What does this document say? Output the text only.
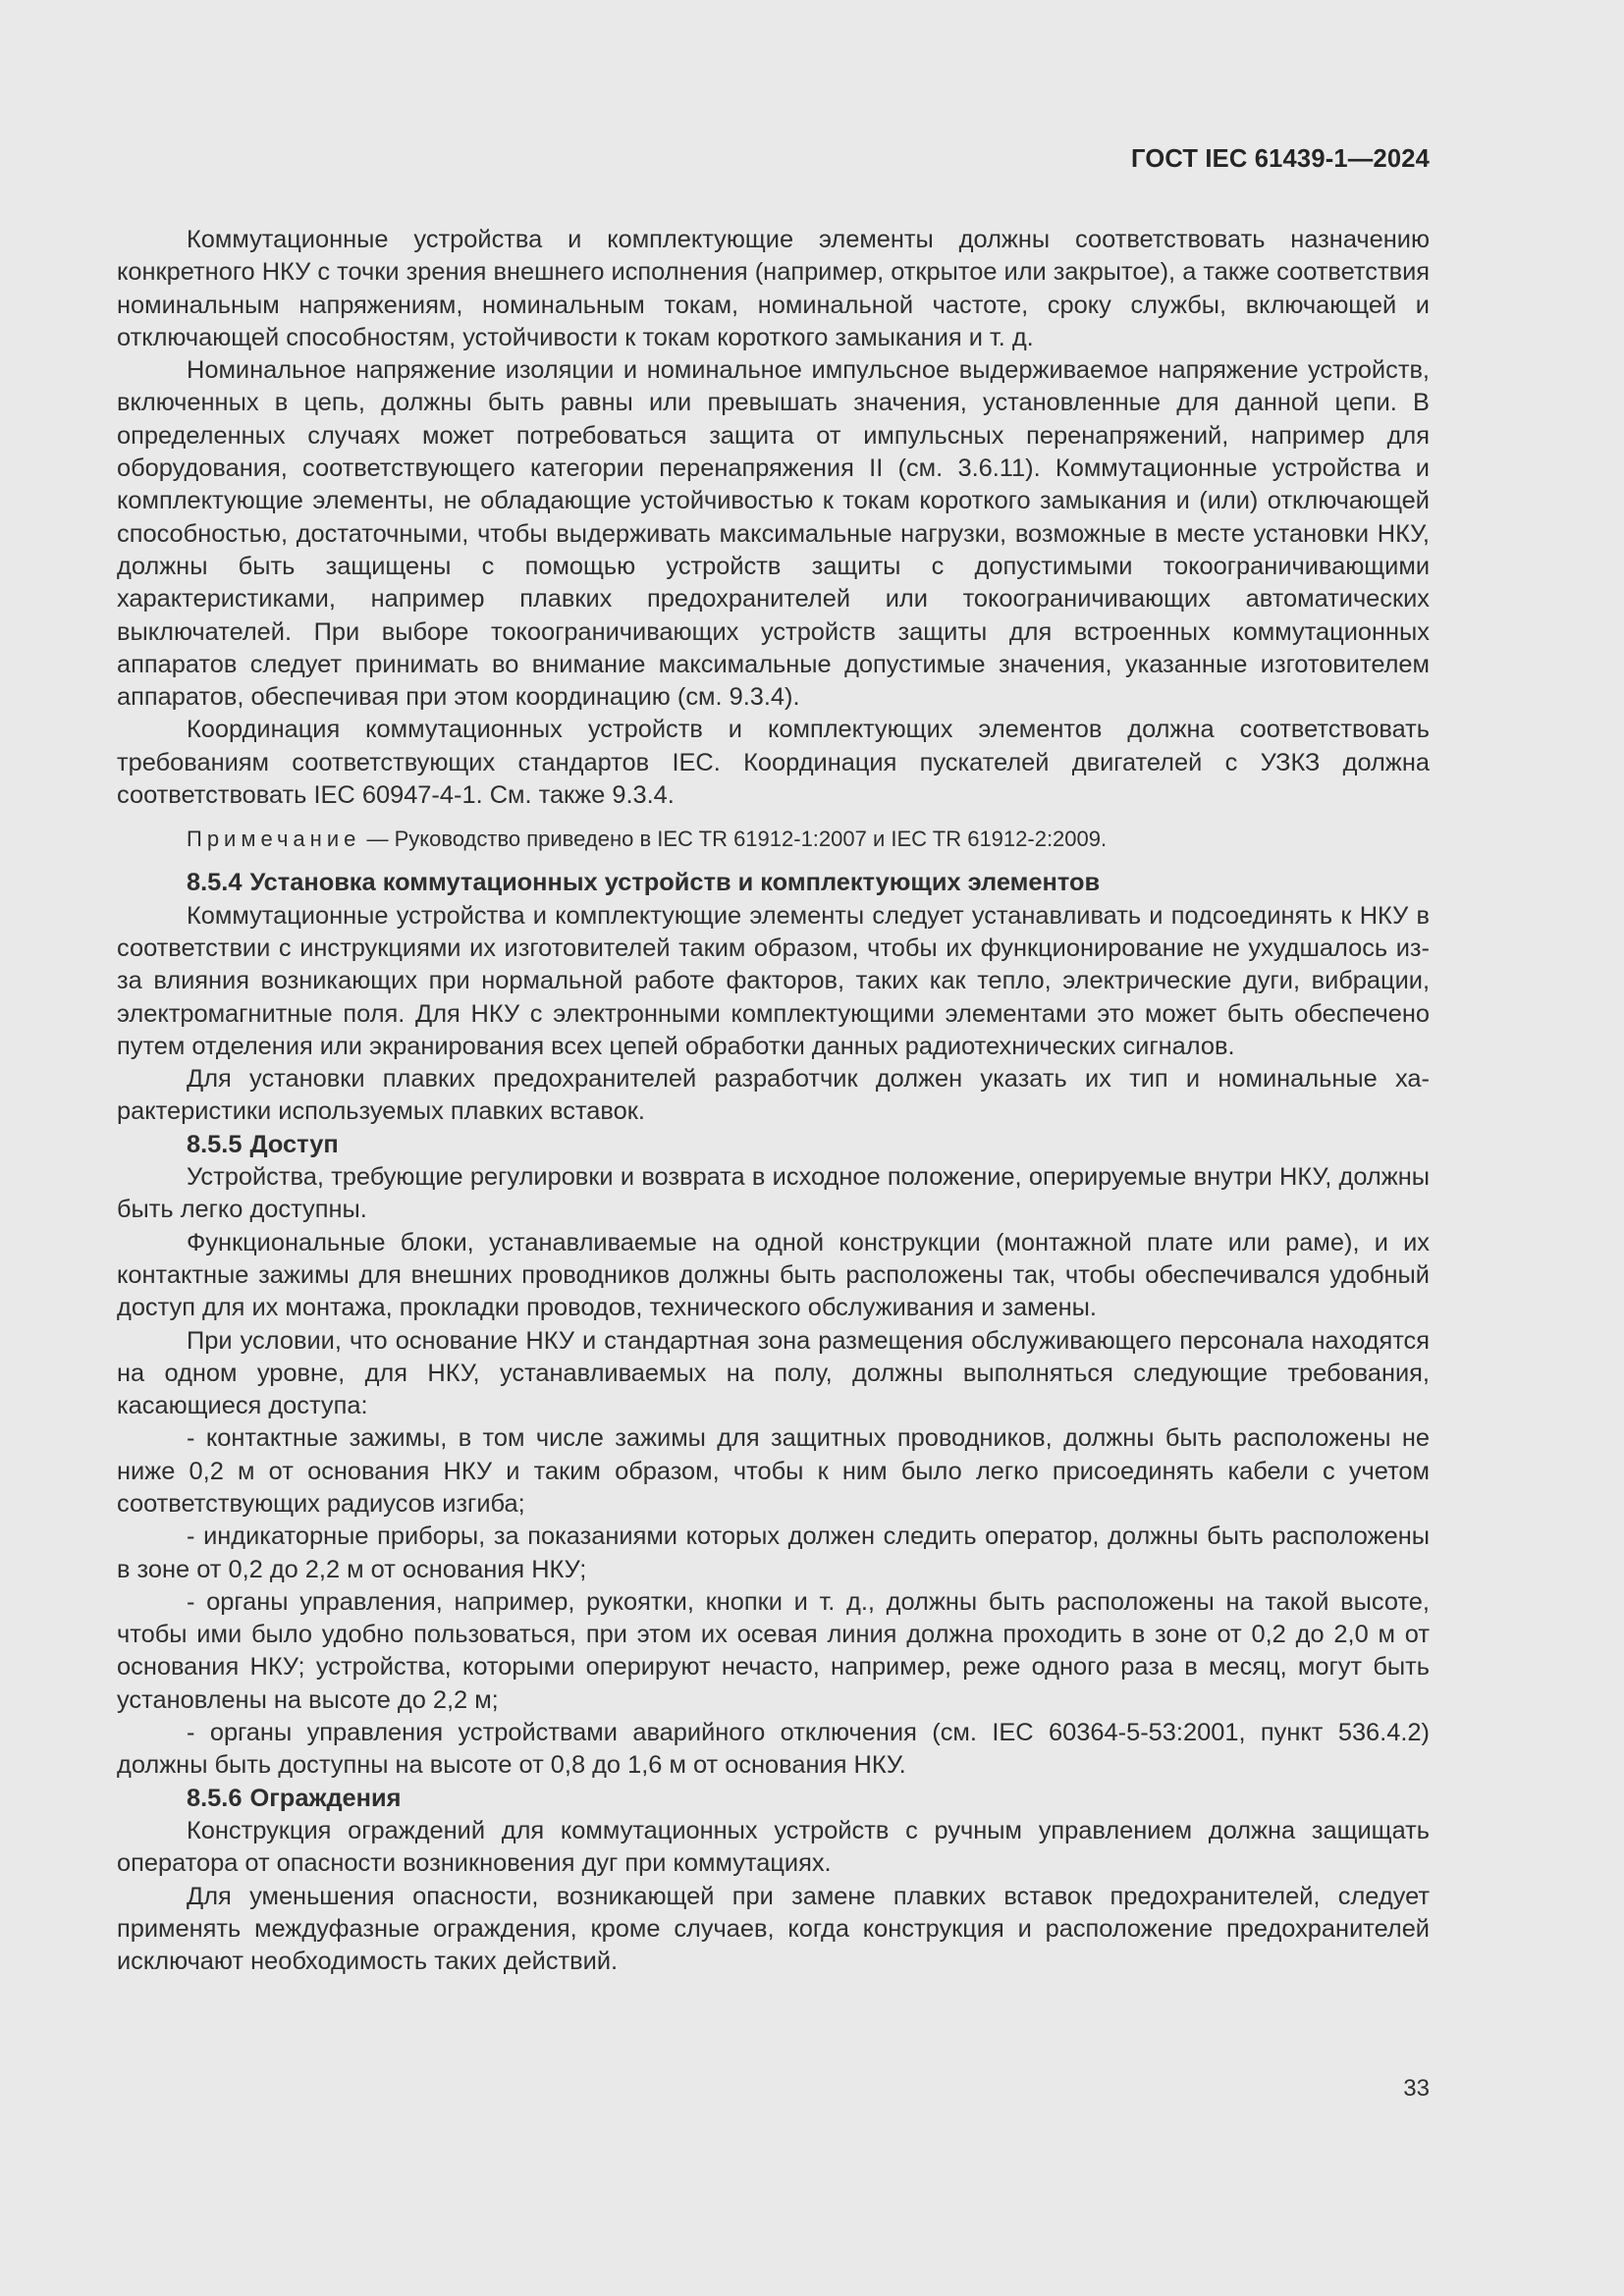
ГОСТ IEC 61439-1—2024

Коммутационные устройства и комплектующие элементы должны соответствовать назначению конкретного НКУ с точки зрения внешнего исполнения (например, открытое или закрытое), а также соответствия номинальным напряжениям, номинальным токам, номинальной частоте, сроку службы, включающей и отключающей способностям, устойчивости к токам короткого замыкания и т. д.

Номинальное напряжение изоляции и номинальное импульсное выдерживаемое напряжение устройств, включенных в цепь, должны быть равны или превышать значения, установленные для данной цепи. В определенных случаях может потребоваться защита от импульсных перенапряжений, например для оборудования, соответствующего категории перенапряжения II (см. 3.6.11). Коммутационные устройства и комплектующие элементы, не обладающие устойчивостью к токам короткого замыкания и (или) отключающей способностью, достаточными, чтобы выдерживать максимальные нагрузки, возможные в месте установки НКУ, должны быть защищены с помощью устройств защиты с допустимыми токоограничивающими характеристиками, например плавких предохранителей или токоограничивающих автоматических выключателей. При выборе токоограничивающих устройств защиты для встроенных коммутационных аппаратов следует принимать во внимание максимальные допустимые значения, указанные изготовителем аппаратов, обеспечивая при этом координацию (см. 9.3.4).

Координация коммутационных устройств и комплектующих элементов должна соответствовать требованиям соответствующих стандартов IEC. Координация пускателей двигателей с УЗКЗ должна соответствовать IEC 60947-4-1. См. также 9.3.4.

Примечание — Руководство приведено в IEC TR 61912-1:2007 и IEC TR 61912-2:2009.

8.5.4 Установка коммутационных устройств и комплектующих элементов

Коммутационные устройства и комплектующие элементы следует устанавливать и подсоединять к НКУ в соответствии с инструкциями их изготовителей таким образом, чтобы их функционирование не ухудшалось из-за влияния возникающих при нормальной работе факторов, таких как тепло, электрические дуги, вибрации, электромагнитные поля. Для НКУ с электронными комплектующими элементами это может быть обеспечено путем отделения или экранирования всех цепей обработки данных радиотехнических сигналов.

Для установки плавких предохранителей разработчик должен указать их тип и номинальные характеристики используемых плавких вставок.

8.5.5 Доступ

Устройства, требующие регулировки и возврата в исходное положение, оперируемые внутри НКУ, должны быть легко доступны.

Функциональные блоки, устанавливаемые на одной конструкции (монтажной плате или раме), и их контактные зажимы для внешних проводников должны быть расположены так, чтобы обеспечивался удобный доступ для их монтажа, прокладки проводов, технического обслуживания и замены.

При условии, что основание НКУ и стандартная зона размещения обслуживающего персонала находятся на одном уровне, для НКУ, устанавливаемых на полу, должны выполняться следующие требования, касающиеся доступа:

- контактные зажимы, в том числе зажимы для защитных проводников, должны быть расположены не ниже 0,2 м от основания НКУ и таким образом, чтобы к ним было легко присоединять кабели с учетом соответствующих радиусов изгиба;

- индикаторные приборы, за показаниями которых должен следить оператор, должны быть расположены в зоне от 0,2 до 2,2 м от основания НКУ;

- органы управления, например, рукоятки, кнопки и т. д., должны быть расположены на такой высоте, чтобы ими было удобно пользоваться, при этом их осевая линия должна проходить в зоне от 0,2 до 2,0 м от основания НКУ; устройства, которыми оперируют нечасто, например, реже одного раза в месяц, могут быть установлены на высоте до 2,2 м;

- органы управления устройствами аварийного отключения (см. IEC 60364-5-53:2001, пункт 536.4.2) должны быть доступны на высоте от 0,8 до 1,6 м от основания НКУ.

8.5.6 Ограждения

Конструкция ограждений для коммутационных устройств с ручным управлением должна защищать оператора от опасности возникновения дуг при коммутациях.

Для уменьшения опасности, возникающей при замене плавких вставок предохранителей, следует применять междуфазные ограждения, кроме случаев, когда конструкция и расположение предохранителей исключают необходимость таких действий.

33
